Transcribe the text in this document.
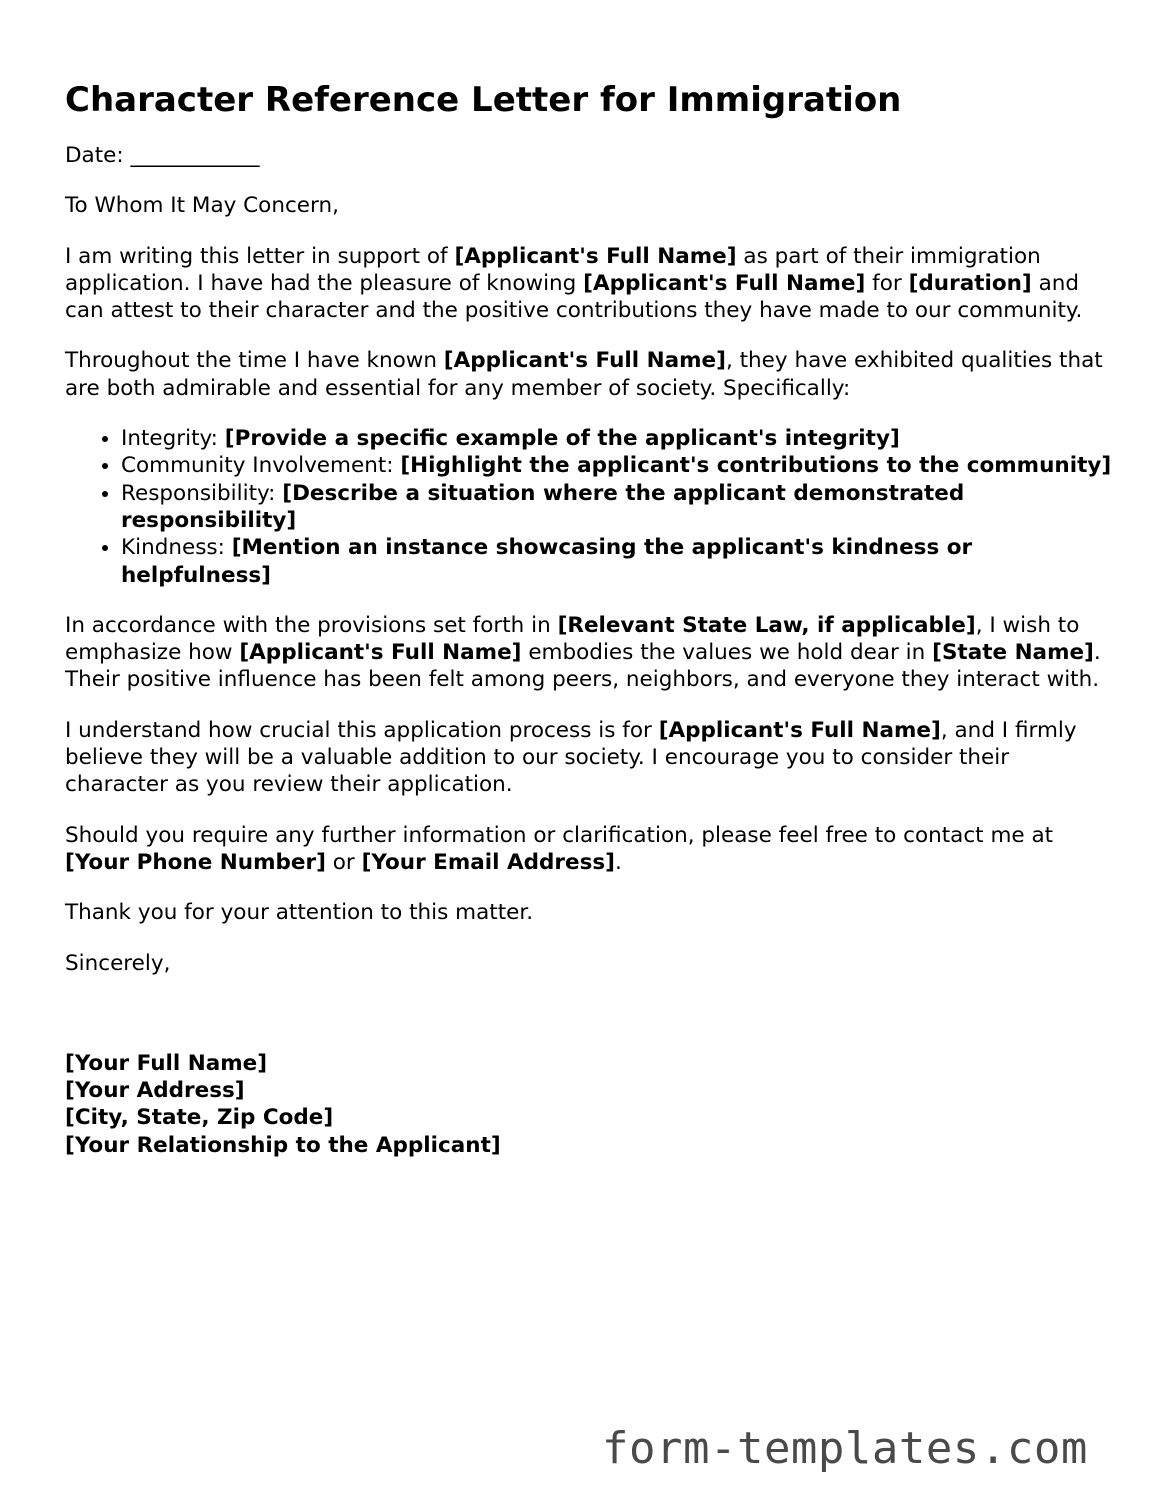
Character Reference Letter for Immigration

Date: ____________

To Whom It May Concern,

I am writing this letter in support of [Applicant's Full Name] as part of their immigration application. I have had the pleasure of knowing [Applicant's Full Name] for [duration] and can attest to their character and the positive contributions they have made to our community.

Throughout the time I have known [Applicant's Full Name], they have exhibited qualities that are both admirable and essential for any member of society. Specifically:

• Integrity: [Provide a specific example of the applicant's integrity]
• Community Involvement: [Highlight the applicant's contributions to the community]
• Responsibility: [Describe a situation where the applicant demonstrated responsibility]
• Kindness: [Mention an instance showcasing the applicant's kindness or helpfulness]

In accordance with the provisions set forth in [Relevant State Law, if applicable], I wish to emphasize how [Applicant's Full Name] embodies the values we hold dear in [State Name]. Their positive influence has been felt among peers, neighbors, and everyone they interact with.

I understand how crucial this application process is for [Applicant's Full Name], and I firmly believe they will be a valuable addition to our society. I encourage you to consider their character as you review their application.

Should you require any further information or clarification, please feel free to contact me at [Your Phone Number] or [Your Email Address].

Thank you for your attention to this matter.

Sincerely,

[Your Full Name]

[Your Address]

[City, State, Zip Code]

[Your Relationship to the Applicant]

form-templates.com
